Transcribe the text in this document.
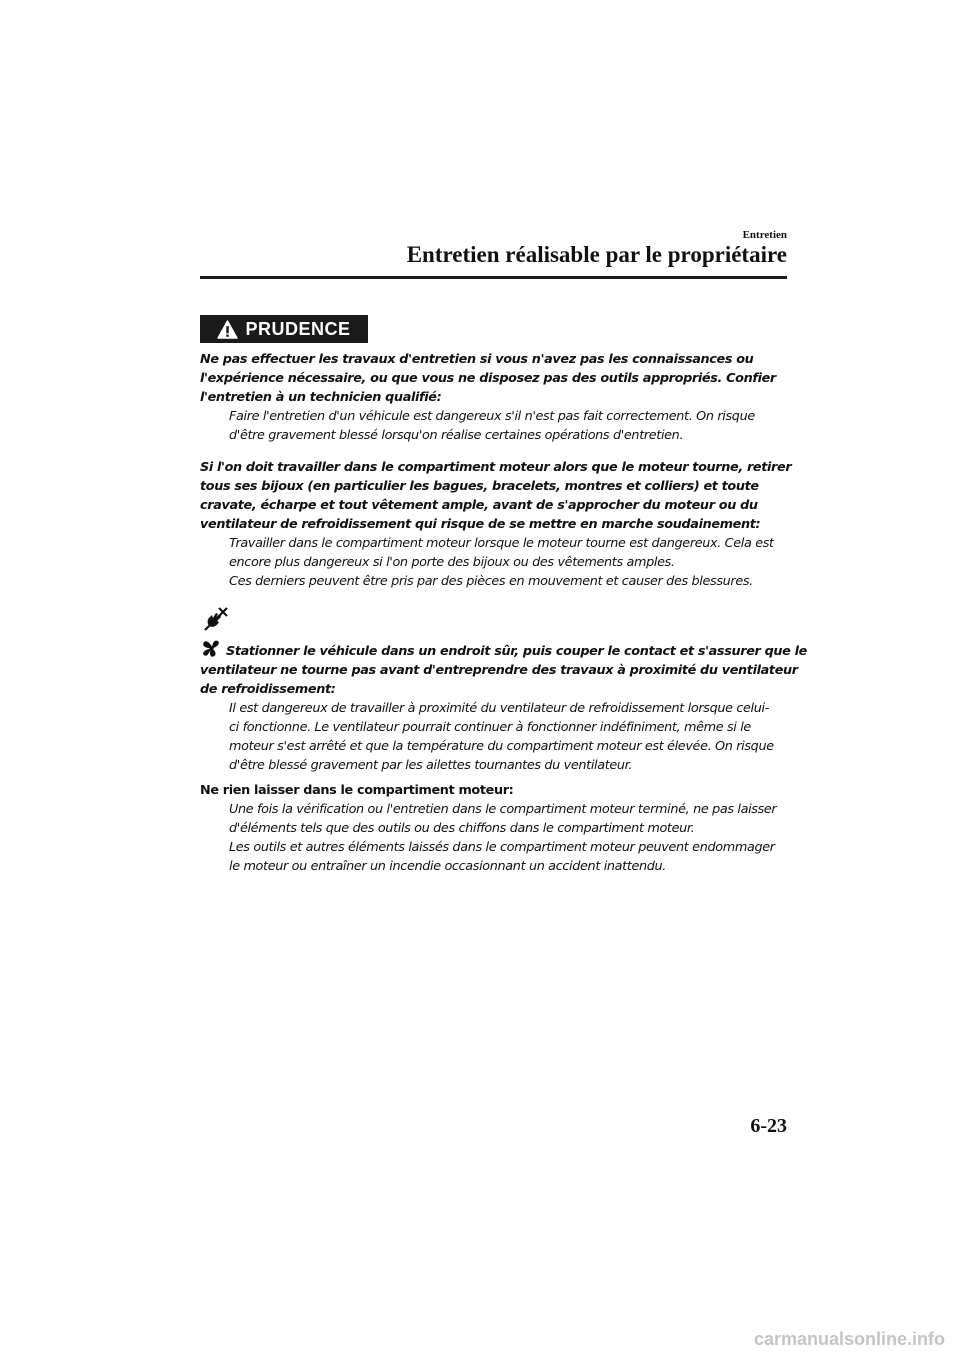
Entretien
Entretien réalisable par le propriétaire
PRUDENCE
Ne pas effectuer les travaux d'entretien si vous n'avez pas les connaissances ou
l'expérience nécessaire, ou que vous ne disposez pas des outils appropriés. Confier
l'entretien à un technicien qualifié:
Faire l'entretien d'un véhicule est dangereux s'il n'est pas fait correctement. On risque
d'être gravement blessé lorsqu'on réalise certaines opérations d'entretien.
Si l'on doit travailler dans le compartiment moteur alors que le moteur tourne, retirer
tous ses bijoux (en particulier les bagues, bracelets, montres et colliers) et toute
cravate, écharpe et tout vêtement ample, avant de s'approcher du moteur ou du
ventilateur de refroidissement qui risque de se mettre en marche soudainement:
Travailler dans le compartiment moteur lorsque le moteur tourne est dangereux. Cela est
encore plus dangereux si l'on porte des bijoux ou des vêtements amples.
Ces derniers peuvent être pris par des pièces en mouvement et causer des blessures.
Stationner le véhicule dans un endroit sûr, puis couper le contact et s'assurer que le
ventilateur ne tourne pas avant d'entreprendre des travaux à proximité du ventilateur
de refroidissement:
Il est dangereux de travailler à proximité du ventilateur de refroidissement lorsque celui-
ci fonctionne. Le ventilateur pourrait continuer à fonctionner indéfiniment, même si le
moteur s'est arrêté et que la température du compartiment moteur est élevée. On risque
d'être blessé gravement par les ailettes tournantes du ventilateur.
Ne rien laisser dans le compartiment moteur:
Une fois la vérification ou l'entretien dans le compartiment moteur terminé, ne pas laisser
d'éléments tels que des outils ou des chiffons dans le compartiment moteur.
Les outils et autres éléments laissés dans le compartiment moteur peuvent endommager
le moteur ou entraîner un incendie occasionnant un accident inattendu.
6-23
carmanualsonline.info
